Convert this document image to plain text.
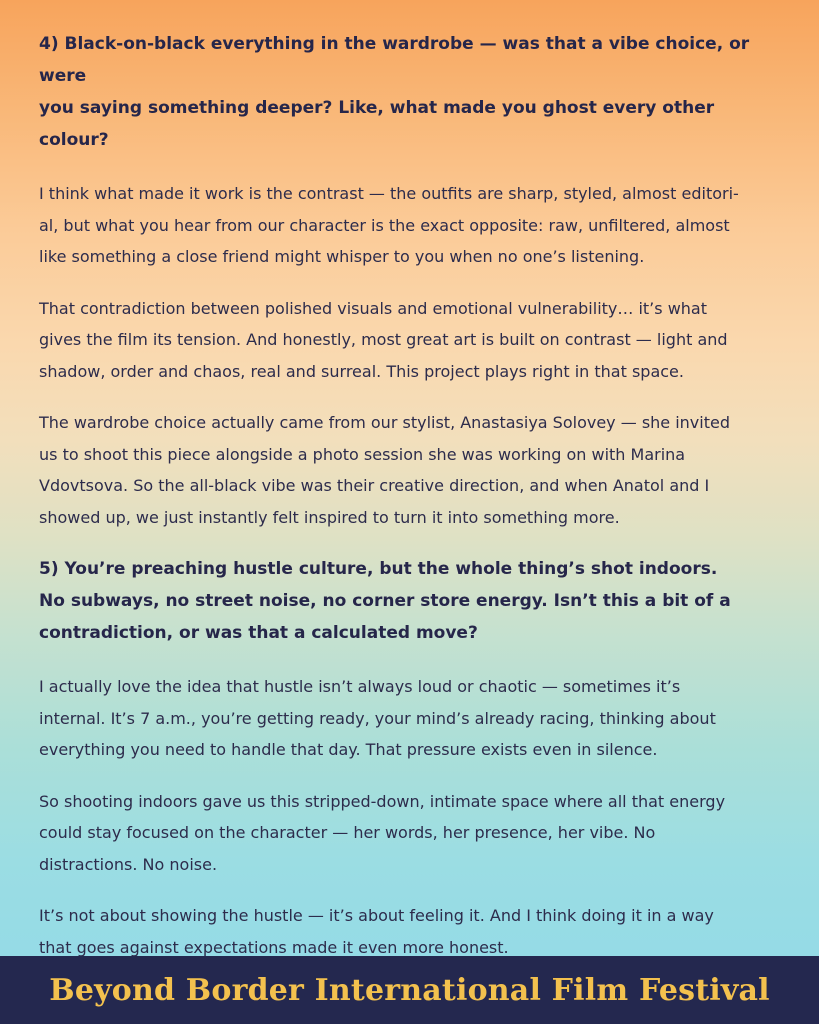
4) Black-on-black everything in the wardrobe — was that a vibe choice, or were
you saying something deeper? Like, what made you ghost every other colour?
I think what made it work is the contrast — the outfits are sharp, styled, almost editori-
al, but what you hear from our character is the exact opposite: raw, unfiltered, almost
like something a close friend might whisper to you when no one’s listening.
That contradiction between polished visuals and emotional vulnerability… it’s what
gives the film its tension. And honestly, most great art is built on contrast — light and
shadow, order and chaos, real and surreal. This project plays right in that space.
The wardrobe choice actually came from our stylist, Anastasiya Solovey — she invited
us to shoot this piece alongside a photo session she was working on with Marina
Vdovtsova. So the all-black vibe was their creative direction, and when Anatol and I
showed up, we just instantly felt inspired to turn it into something more.
5) You’re preaching hustle culture, but the whole thing’s shot indoors.
No subways, no street noise, no corner store energy. Isn’t this a bit of a
contradiction, or was that a calculated move?
I actually love the idea that hustle isn’t always loud or chaotic — sometimes it’s
internal. It’s 7 a.m., you’re getting ready, your mind’s already racing, thinking about
everything you need to handle that day. That pressure exists even in silence.
So shooting indoors gave us this stripped-down, intimate space where all that energy
could stay focused on the character — her words, her presence, her vibe. No
distractions. No noise.
It’s not about showing the hustle — it’s about feeling it. And I think doing it in a way
that goes against expectations made it even more honest.
Beyond Border International Film Festival
